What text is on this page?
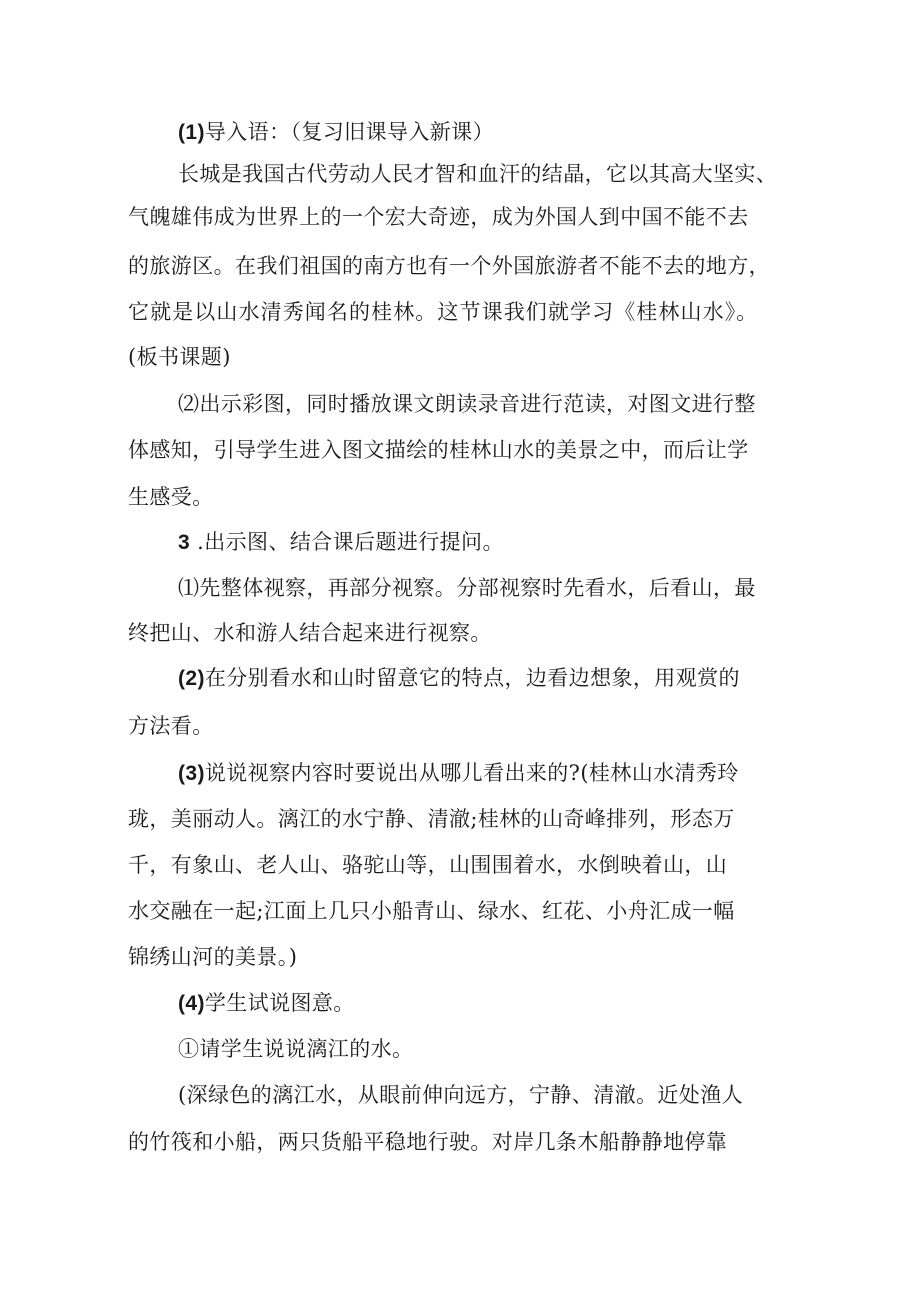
(1)导入语：（复习旧课导入新课）
长城是我国古代劳动人民才智和血汗的结晶，它以其高大坚实、
气魄雄伟成为世界上的一个宏大奇迹，成为外国人到中国不能不去
的旅游区。在我们祖国的南方也有一个外国旅游者不能不去的地方，
它就是以山水清秀闻名的桂林。这节课我们就学习《桂林山水》。
(板书课题)
⑵出示彩图，同时播放课文朗读录音进行范读，对图文进行整
体感知，引导学生进入图文描绘的桂林山水的美景之中，而后让学
生感受。
3 .出示图、结合课后题进行提问。
⑴先整体视察，再部分视察。分部视察时先看水，后看山，最
终把山、水和游人结合起来进行视察。
(2)在分别看水和山时留意它的特点，边看边想象，用观赏的
方法看。
(3)说说视察内容时要说出从哪儿看出来的?(桂林山水清秀玲
珑，美丽动人。漓江的水宁静、清澈;桂林的山奇峰排列，形态万
千，有象山、老人山、骆驼山等，山围围着水，水倒映着山，山
水交融在一起;江面上几只小船青山、绿水、红花、小舟汇成一幅
锦绣山河的美景。)
(4)学生试说图意。
①请学生说说漓江的水。
(深绿色的漓江水，从眼前伸向远方，宁静、清澈。近处渔人
的竹筏和小船，两只货船平稳地行驶。对岸几条木船静静地停靠
